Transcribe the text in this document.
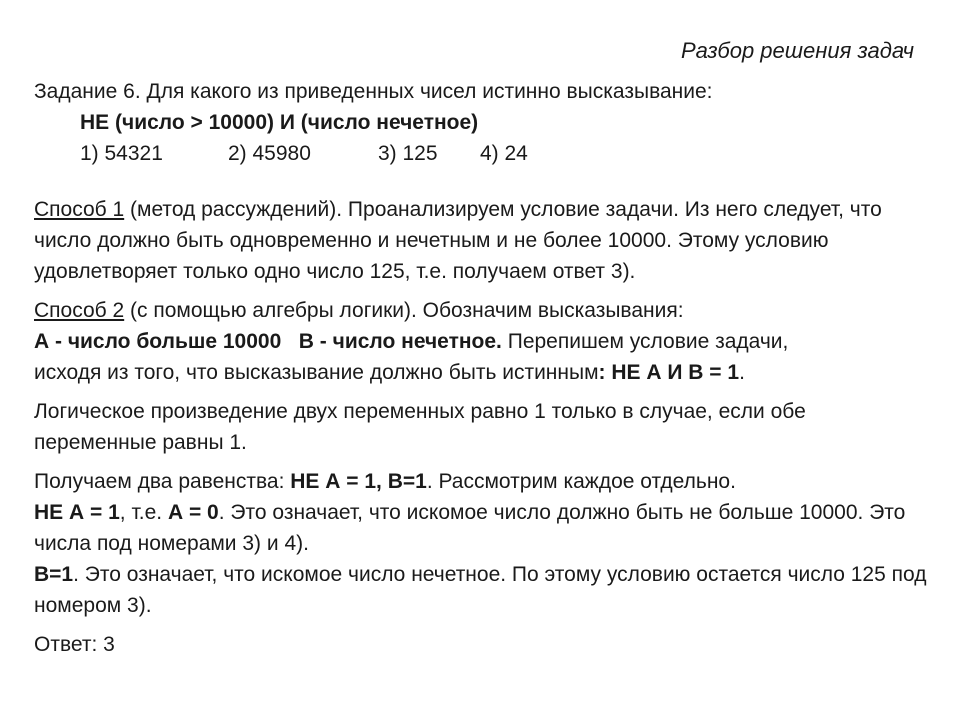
Разбор решения задач

Задание 6. Для какого из приведенных чисел истинно высказывание:

НЕ (число > 10000) И (число нечетное)

1) 54321	2) 45980	3) 125	4) 24

Способ 1 (метод рассуждений). Проанализируем условие задачи. Из него следует, что число должно быть одновременно и нечетным и не более 10000. Этому условию удовлетворяет только одно число 125, т.е. получаем ответ 3).

Способ 2 (с помощью алгебры логики). Обозначим высказывания:

А - число больше 10000 В - число нечетное. Перепишем условие задачи,

исходя из того, что высказывание должно быть истинным: НЕ А И В = 1.

Логическое произведение двух переменных равно 1 только в случае, если обе переменные равны 1.

Получаем два равенства: НЕ А = 1, В=1. Рассмотрим каждое отдельно.

НЕ А = 1, т.е. А = 0. Это означает, что искомое число должно быть не больше 10000. Это числа под номерами 3) и 4).

В=1. Это означает, что искомое число нечетное. По этому условию остается число 125 под номером 3).

Ответ: 3
